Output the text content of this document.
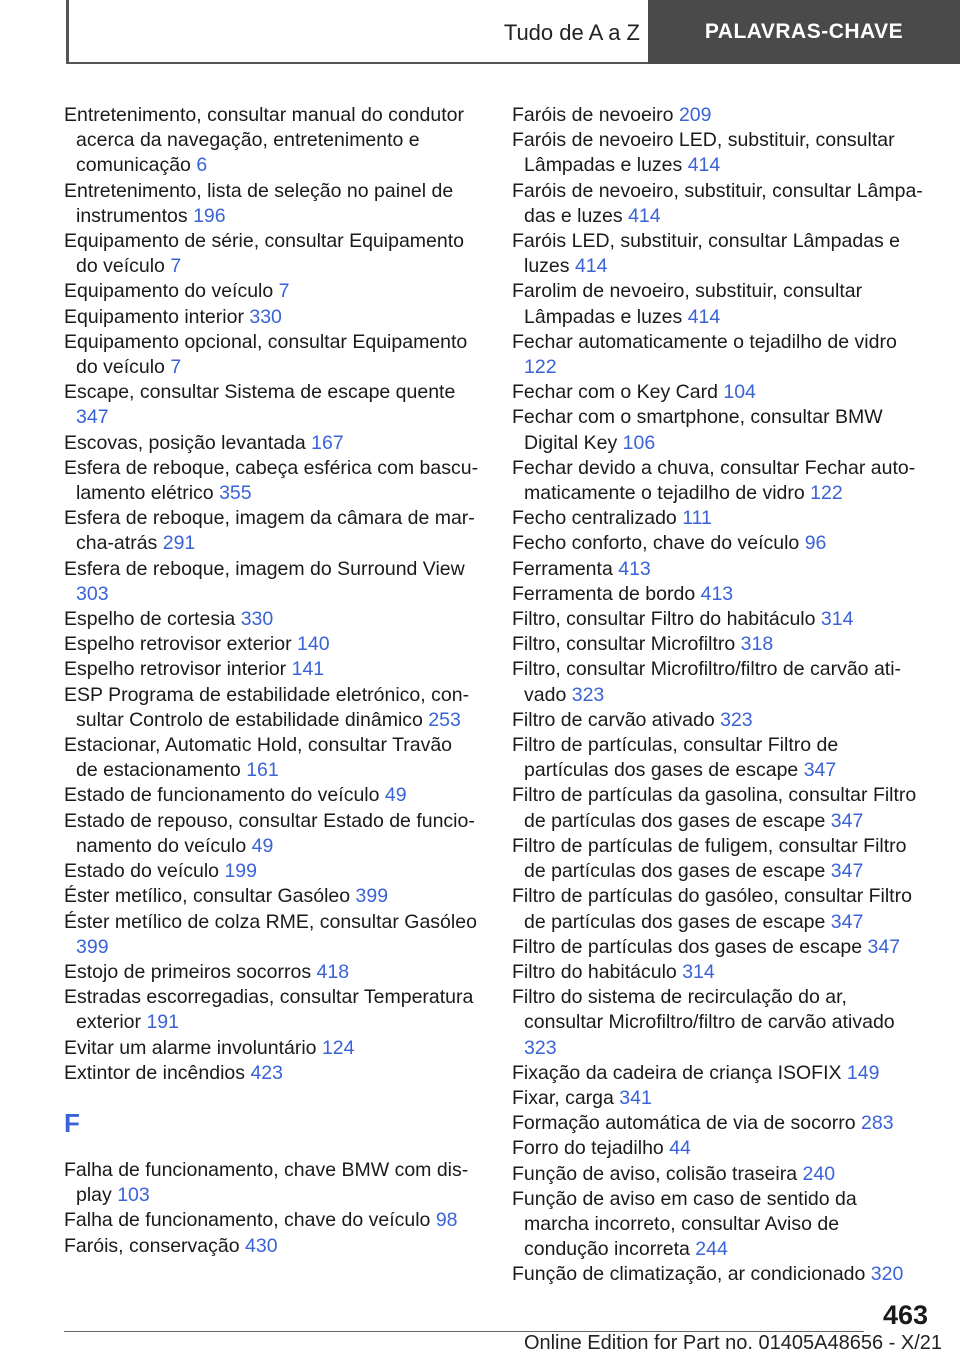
Tudo de A a Z	PALAVRAS-CHAVE
Entretenimento, consultar manual do condutor acerca da navegação, entretenimento e comunicação 6
Entretenimento, lista de seleção no painel de instrumentos 196
Equipamento de série, consultar Equipamento do veículo 7
Equipamento do veículo 7
Equipamento interior 330
Equipamento opcional, consultar Equipamento do veículo 7
Escape, consultar Sistema de escape quente 347
Escovas, posição levantada 167
Esfera de reboque, cabeça esférica com basculamento elétrico 355
Esfera de reboque, imagem da câmara de marcha-atrás 291
Esfera de reboque, imagem do Surround View 303
Espelho de cortesia 330
Espelho retrovisor exterior 140
Espelho retrovisor interior 141
ESP Programa de estabilidade eletrónico, consultar Controlo de estabilidade dinâmico 253
Estacionar, Automatic Hold, consultar Travão de estacionamento 161
Estado de funcionamento do veículo 49
Estado de repouso, consultar Estado de funcionamento do veículo 49
Estado do veículo 199
Éster metílico, consultar Gasóleo 399
Éster metílico de colza RME, consultar Gasóleo 399
Estojo de primeiros socorros 418
Estradas escorregadias, consultar Temperatura exterior 191
Evitar um alarme involuntário 124
Extintor de incêndios 423
F
Falha de funcionamento, chave BMW com display 103
Falha de funcionamento, chave do veículo 98
Faróis, conservação 430
Faróis de nevoeiro 209
Faróis de nevoeiro LED, substituir, consultar Lâmpadas e luzes 414
Faróis de nevoeiro, substituir, consultar Lâmpadas e luzes 414
Faróis LED, substituir, consultar Lâmpadas e luzes 414
Farolim de nevoeiro, substituir, consultar Lâmpadas e luzes 414
Fechar automaticamente o tejadilho de vidro 122
Fechar com o Key Card 104
Fechar com o smartphone, consultar BMW Digital Key 106
Fechar devido a chuva, consultar Fechar automaticamente o tejadilho de vidro 122
Fecho centralizado 111
Fecho conforto, chave do veículo 96
Ferramenta 413
Ferramenta de bordo 413
Filtro, consultar Filtro do habitáculo 314
Filtro, consultar Microfiltro 318
Filtro, consultar Microfiltro/filtro de carvão ativado 323
Filtro de carvão ativado 323
Filtro de partículas, consultar Filtro de partículas dos gases de escape 347
Filtro de partículas da gasolina, consultar Filtro de partículas dos gases de escape 347
Filtro de partículas de fuligem, consultar Filtro de partículas dos gases de escape 347
Filtro de partículas do gasóleo, consultar Filtro de partículas dos gases de escape 347
Filtro de partículas dos gases de escape 347
Filtro do habitáculo 314
Filtro do sistema de recirculação do ar, consultar Microfiltro/filtro de carvão ativado 323
Fixação da cadeira de criança ISOFIX 149
Fixar, carga 341
Formação automática de via de socorro 283
Forro do tejadilho 44
Função de aviso, colisão traseira 240
Função de aviso em caso de sentido da marcha incorreto, consultar Aviso de condução incorreta 244
Função de climatização, ar condicionado 320
463
Online Edition for Part no. 01405A48656 - X/21
